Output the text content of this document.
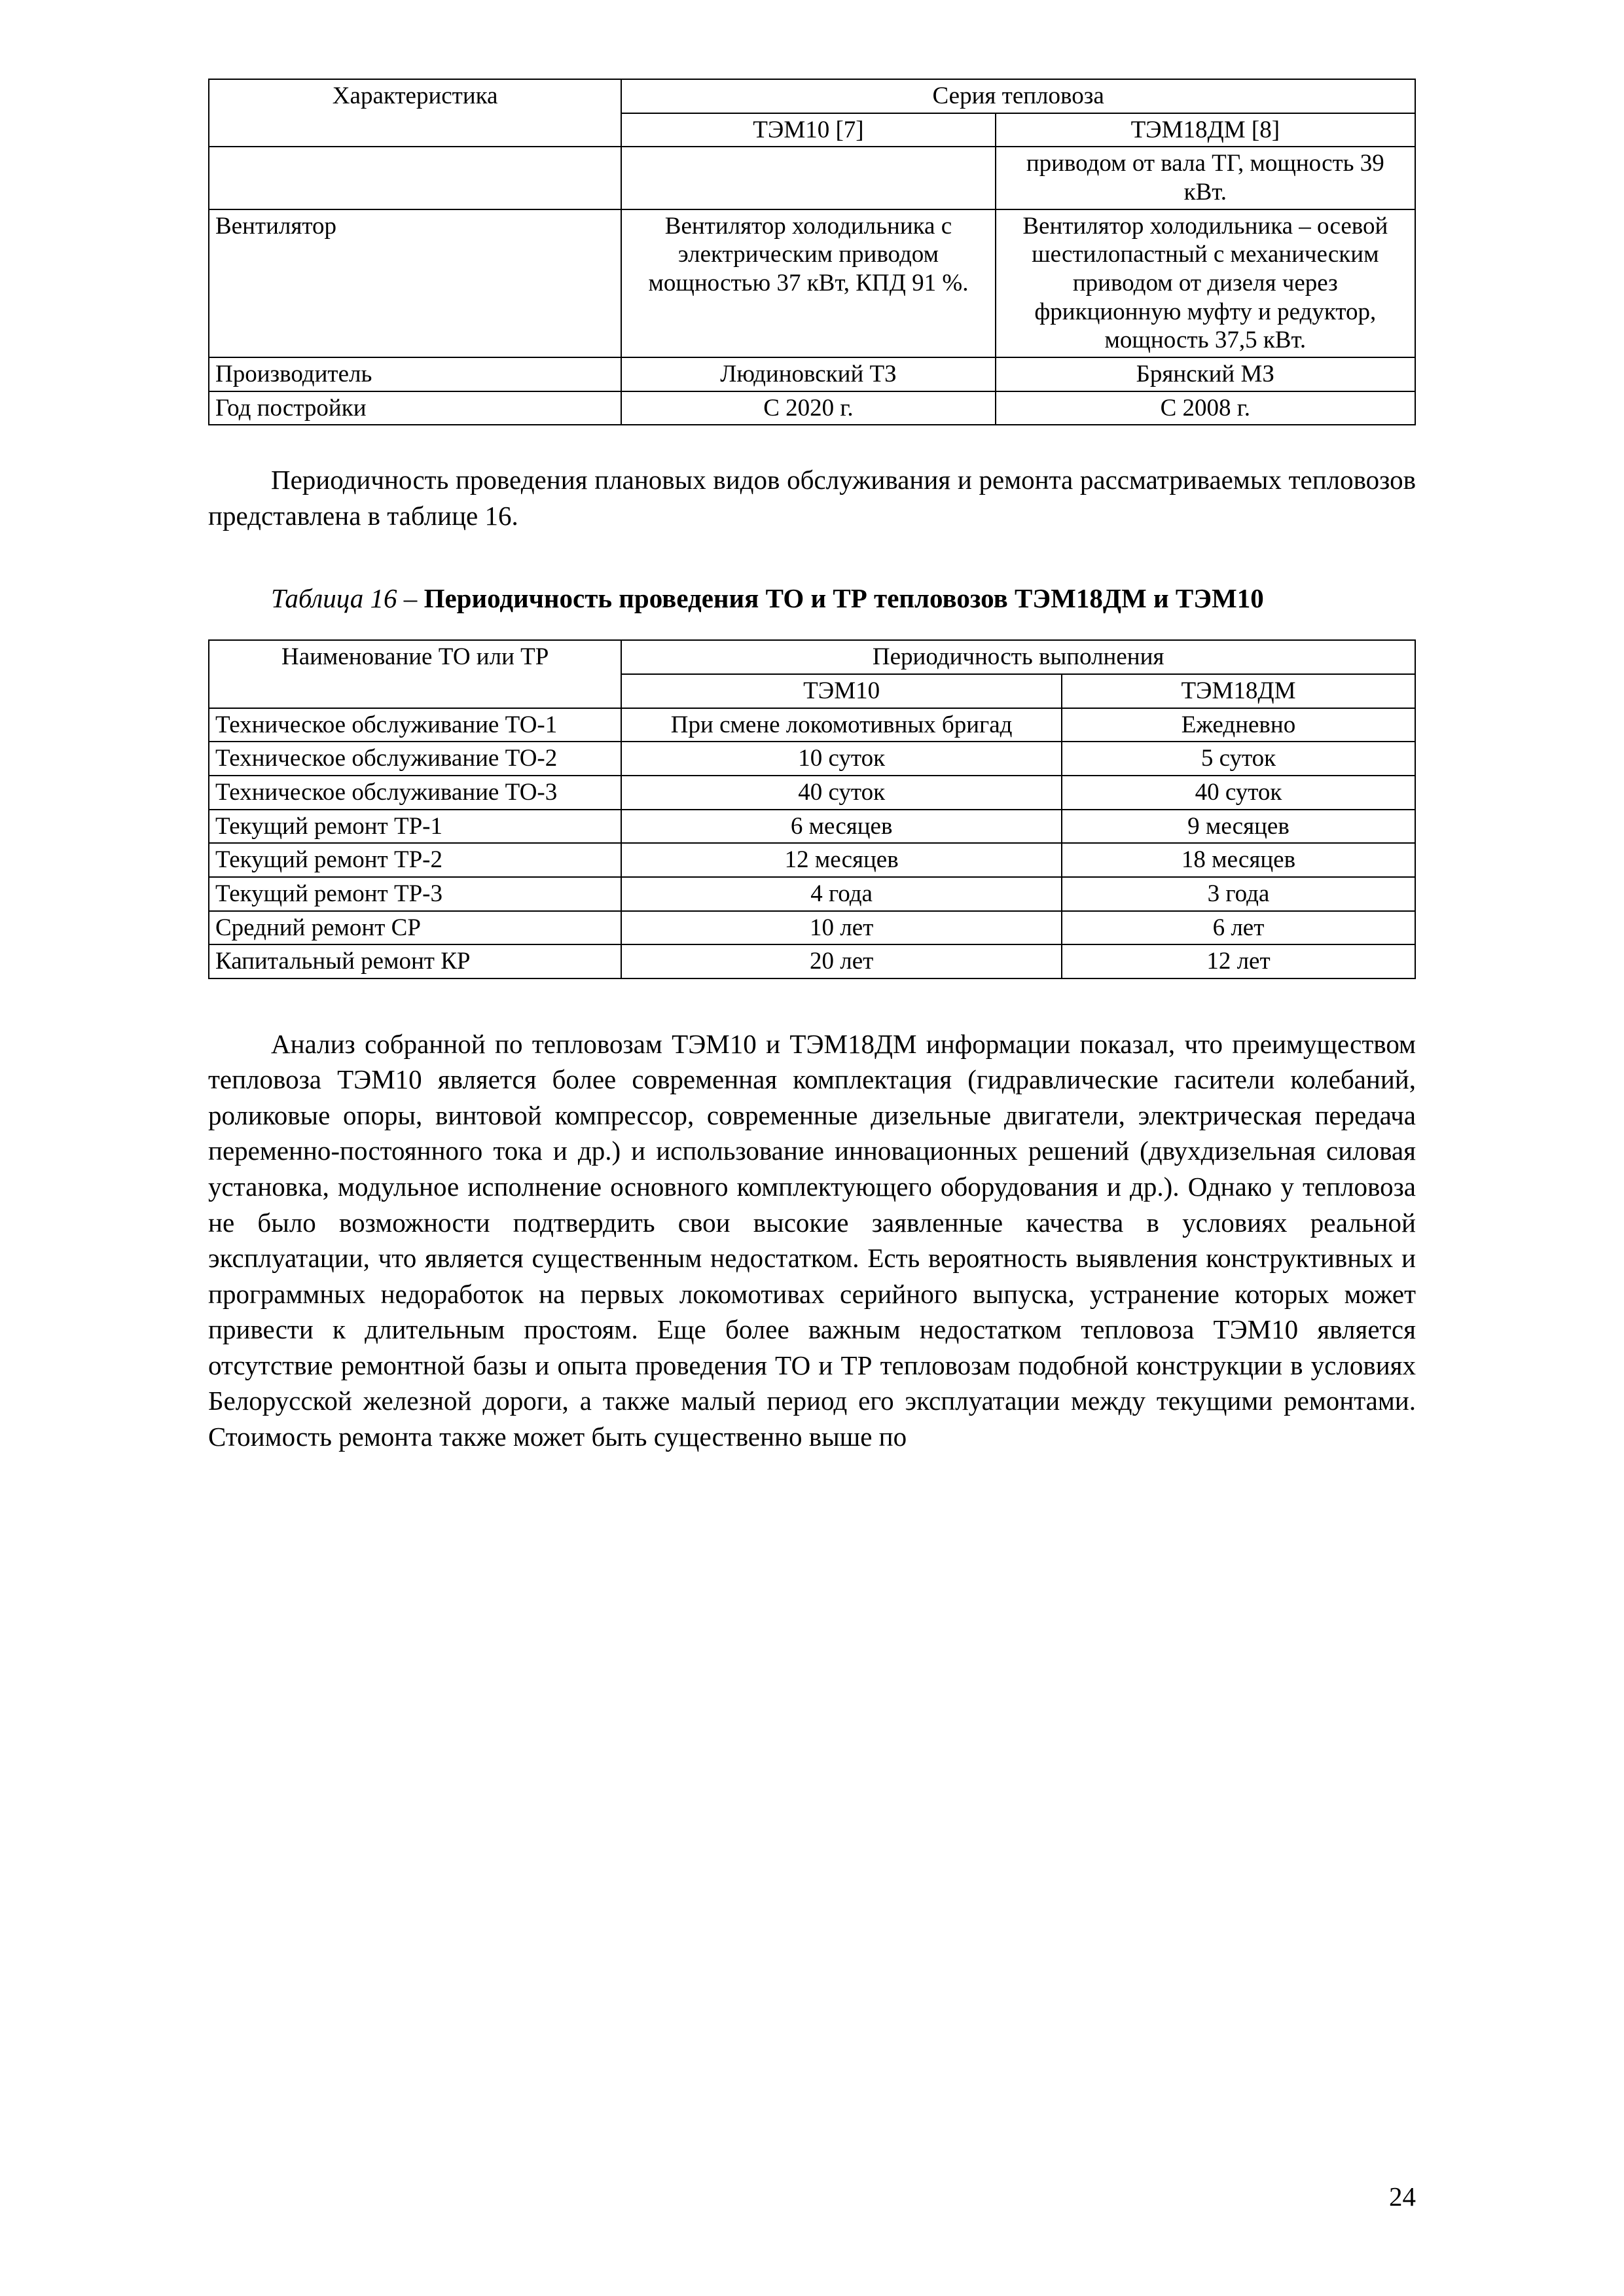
Характеристика	Серия тепловоза	
	ТЭМ10 [7]	ТЭМ18ДМ [8]
		приводом от вала ТГ, мощность 39 кВт.
Вентилятор	Вентилятор холодильника с электрическим приводом мощностью 37 кВт, КПД 91 %.	Вентилятор холодильника – осевой шестилопастный с механическим приводом от дизеля через фрикционную муфту и редуктор, мощность 37,5 кВт.
Производитель	Людиновский ТЗ	Брянский МЗ
Год постройки	С 2020 г.	С 2008 г.

Периодичность проведения плановых видов обслуживания и ремонта рассматриваемых тепловозов представлена в таблице 16.

Таблица 16 – Периодичность проведения ТО и ТР тепловозов ТЭМ18ДМ и ТЭМ10

Наименование ТО или ТР	Периодичность выполнения	
	ТЭМ10	ТЭМ18ДМ
Техническое обслуживание ТО-1	При смене локомотивных бригад	Ежедневно
Техническое обслуживание ТО-2	10 суток	5 суток
Техническое обслуживание ТО-3	40 суток	40 суток
Текущий ремонт ТР-1	6 месяцев	9 месяцев
Текущий ремонт ТР-2	12 месяцев	18 месяцев
Текущий ремонт ТР-3	4 года	3 года
Средний ремонт СР	10 лет	6 лет
Капитальный ремонт КР	20 лет	12 лет

Анализ собранной по тепловозам ТЭМ10 и ТЭМ18ДМ информации показал, что преимуществом тепловоза ТЭМ10 является более современная комплектация (гидравлические гасители колебаний, роликовые опоры, винтовой компрессор, современные дизельные двигатели, электрическая передача переменно-постоянного тока и др.) и использование инновационных решений (двухдизельная силовая установка, модульное исполнение основного комплектующего оборудования и др.). Однако у тепловоза не было возможности подтвердить свои высокие заявленные качества в условиях реальной эксплуатации, что является существенным недостатком. Есть вероятность выявления конструктивных и программных недоработок на первых локомотивах серийного выпуска, устранение которых может привести к длительным простоям. Еще более важным недостатком тепловоза ТЭМ10 является отсутствие ремонтной базы и опыта проведения ТО и ТР тепловозам подобной конструкции в условиях Белорусской железной дороги, а также малый период его эксплуатации между текущими ремонтами. Стоимость ремонта также может быть существенно выше по

24
